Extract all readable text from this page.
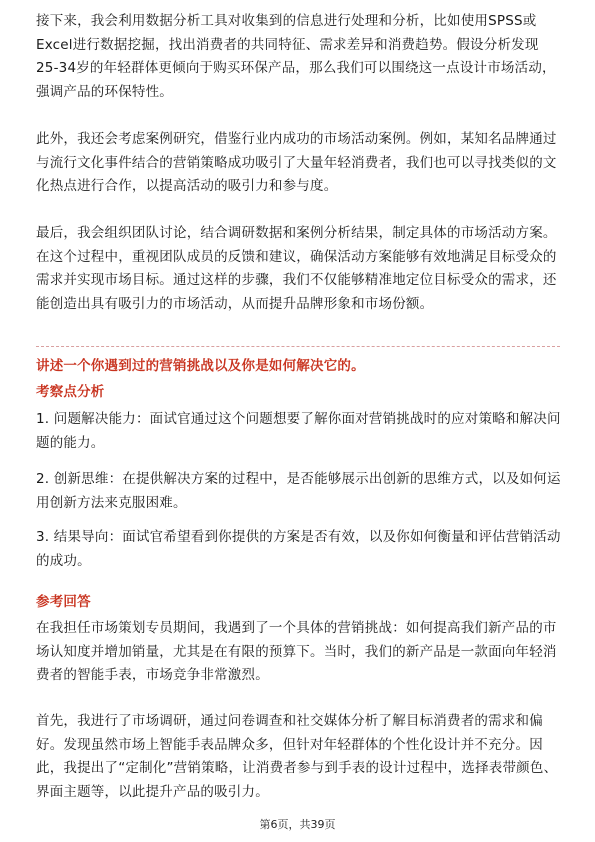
接下来，我会利用数据分析工具对收集到的信息进行处理和分析，比如使用SPSS或Excel进行数据挖掘，找出消费者的共同特征、需求差异和消费趋势。假设分析发现25-34岁的年轻群体更倾向于购买环保产品，那么我们可以围绕这一点设计市场活动，强调产品的环保特性。

此外，我还会考虑案例研究，借鉴行业内成功的市场活动案例。例如，某知名品牌通过与流行文化事件结合的营销策略成功吸引了大量年轻消费者，我们也可以寻找类似的文化热点进行合作，以提高活动的吸引力和参与度。

最后，我会组织团队讨论，结合调研数据和案例分析结果，制定具体的市场活动方案。在这个过程中，重视团队成员的反馈和建议，确保活动方案能够有效地满足目标受众的需求并实现市场目标。通过这样的步骤，我们不仅能够精准地定位目标受众的需求，还能创造出具有吸引力的市场活动，从而提升品牌形象和市场份额。

讲述一个你遇到过的营销挑战以及你是如何解决它的。

考察点分析

1. 问题解决能力：面试官通过这个问题想要了解你面对营销挑战时的应对策略和解决问题的能力。

2. 创新思维：在提供解决方案的过程中，是否能够展示出创新的思维方式，以及如何运用创新方法来克服困难。

3. 结果导向：面试官希望看到你提供的方案是否有效，以及你如何衡量和评估营销活动的成功。

参考回答

在我担任市场策划专员期间，我遇到了一个具体的营销挑战：如何提高我们新产品的市场认知度并增加销量，尤其是在有限的预算下。当时，我们的新产品是一款面向年轻消费者的智能手表，市场竞争非常激烈。

首先，我进行了市场调研，通过问卷调查和社交媒体分析了解目标消费者的需求和偏好。发现虽然市场上智能手表品牌众多，但针对年轻群体的个性化设计并不充分。因此，我提出了“定制化”营销策略，让消费者参与到手表的设计过程中，选择表带颜色、界面主题等，以此提升产品的吸引力。

第6页，共39页
